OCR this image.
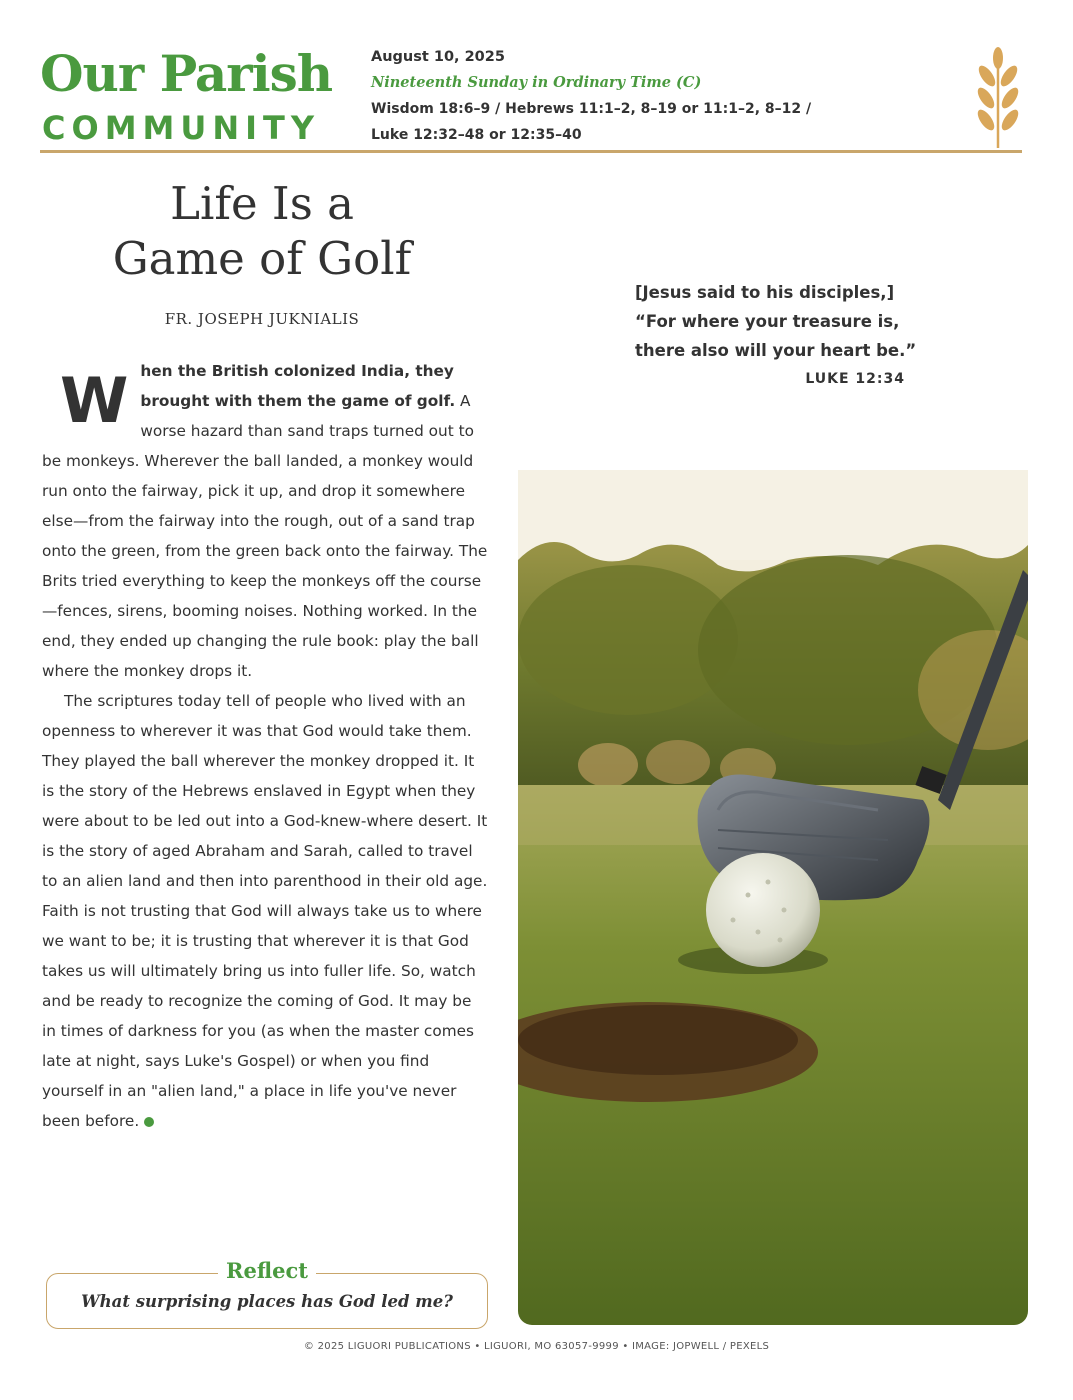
Our Parish
COMMUNITY
August 10, 2025
Nineteenth Sunday in Ordinary Time (C)
Wisdom 18:6–9 / Hebrews 11:1–2, 8–19 or 11:1–2, 8–12 /
Luke 12:32–48 or 12:35–40
Life Is a
Game of Golf
FR. JOSEPH JUKNIALIS

W hen the British colonized India, they brought with them the game of golf. A worse hazard than sand traps turned out to be monkeys. Wherever the ball landed, a monkey would run onto the fairway, pick it up, and drop it somewhere else—from the fairway into the rough, out of a sand trap onto the green, from the green back onto the fairway. The Brits tried everything to keep the monkeys off the course—fences, sirens, booming noises. Nothing worked. In the end, they ended up changing the rule book: play the ball where the monkey drops it.

The scriptures today tell of people who lived with an openness to wherever it was that God would take them. They played the ball wherever the monkey dropped it. It is the story of the Hebrews enslaved in Egypt when they were about to be led out into a God-knew-where desert. It is the story of aged Abraham and Sarah, called to travel to an alien land and then into parenthood in their old age. Faith is not trusting that God will always take us to where we want to be; it is trusting that wherever it is that God takes us will ultimately bring us into fuller life. So, watch and be ready to recognize the coming of God. It may be in times of darkness for you (as when the master comes late at night, says Luke's Gospel) or when you find yourself in an "alien land," a place in life you've never been before.

Reflect
What surprising places has God led me?
[Jesus said to his disciples,]
“For where your treasure is,
there also will your heart be.”
LUKE 12:34
© 2025 LIGUORI PUBLICATIONS • LIGUORI, MO 63057-9999 • IMAGE: JOPWELL / PEXELS
